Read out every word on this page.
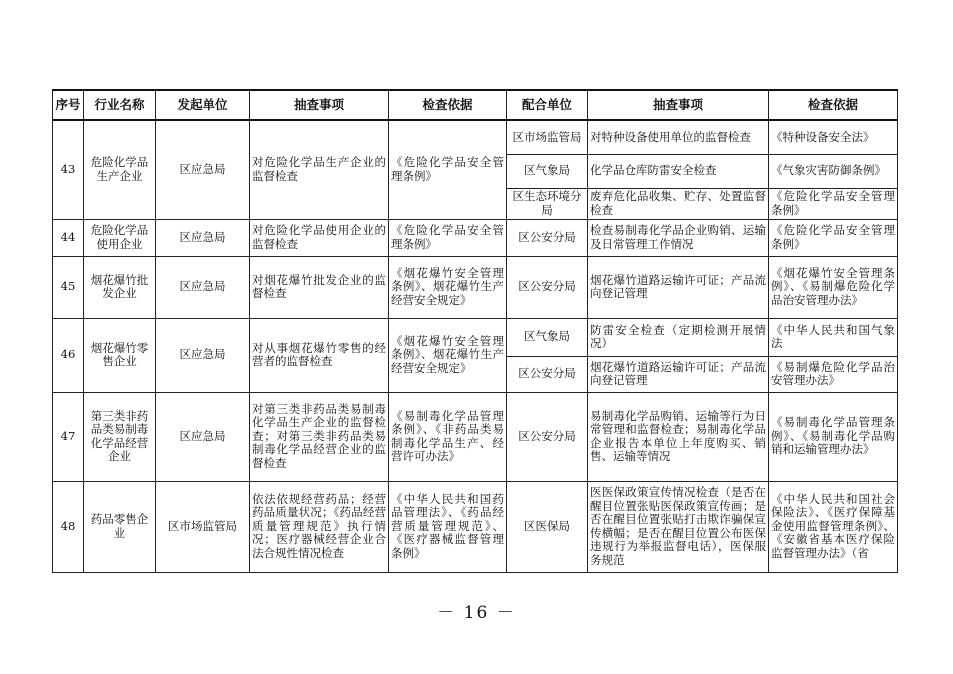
序号	行业名称	发起单位	抽查事项	检查依据	配合单位	抽查事项	检查依据
43	危险化学品生产企业	区应急局	对危险化学品生产企业的监督检查	《危险化学品安全管理条例》	区市场监管局	对特种设备使用单位的监督检查	《特种设备安全法》
					区气象局	化学品仓库防雷安全检查	《气象灾害防御条例》
					区生态环境分局	废弃危化品收集、贮存、处置监督检查	《危险化学品安全管理条例》
44	危险化学品使用企业	区应急局	对危险化学品使用企业的监督检查	《危险化学品安全管理条例》	区公安分局	检查易制毒化学品企业购销、运输及日常管理工作情况	《危险化学品安全管理条例》
45	烟花爆竹批发企业	区应急局	对烟花爆竹批发企业的监督检查	《烟花爆竹安全管理条例》、烟花爆竹生产经营安全规定》	区公安分局	烟花爆竹道路运输许可证；产品流向登记管理	《烟花爆竹安全管理条例》、《易制爆危险化学品治安管理办法》
46	烟花爆竹零售企业	区应急局	对从事烟花爆竹零售的经营者的监督检查	《烟花爆竹安全管理条例》、烟花爆竹生产经营安全规定》	区气象局	防雷安全检查（定期检测开展情况）	《中华人民共和国气象法
					区公安分局	烟花爆竹道路运输许可证；产品流向登记管理	《易制爆危险化学品治安管理办法》
47	第三类非药品类易制毒化学品经营企业	区应急局	对第三类非药品类易制毒化学品生产企业的监督检查；对第三类非药品类易制毒化学品经营企业的监督检查	《易制毒化学品管理条例》、《非药品类易制毒化学品生产、经营许可办法》	区公安分局	易制毒化学品购销、运输等行为日常管理和监督检查；易制毒化学品企业报告本单位上年度购买、销售、运输等情况	《易制毒化学品管理条例》、《易制毒化学品购销和运输管理办法》
48	药品零售企业	区市场监管局	依法依规经营药品；经营药品质量状况；《药品经营质量管理规范》执行情况；医疗器械经营企业合法合规性情况检查	《中华人民共和国药品管理法》、《药品经营质量管理规范》、《医疗器械监督管理条例》	区医保局	医医保政策宣传情况检查（是否在醒目位置张贴医保政策宣传画；是否在醒目位置张贴打击欺诈骗保宣传横幅；是否在醒目位置公布医保违规行为举报监督电话），医保服务规范	《中华人民共和国社会保险法》、《医疗保障基金使用监督管理条例》、《安徽省基本医疗保险监督管理办法》（省
－ 16 －
